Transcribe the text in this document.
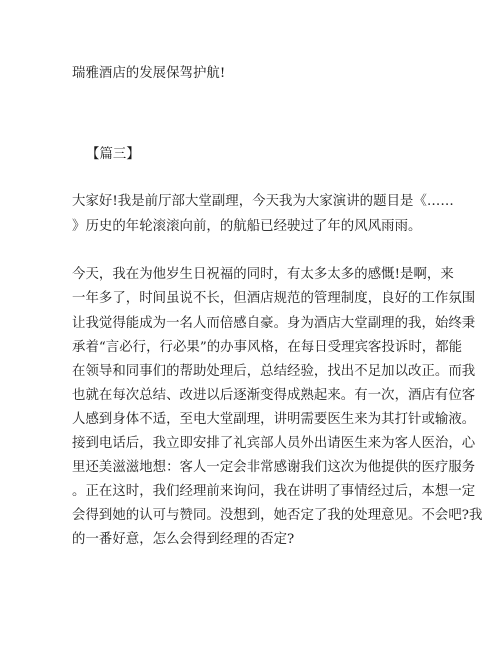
瑞雅酒店的发展保驾护航!
【篇三】
大家好!我是前厅部大堂副理，今天我为大家演讲的题目是《……
》历史的年轮滚滚向前，的航船已经驶过了年的风风雨雨。
今天，我在为他岁生日祝福的同时，有太多太多的感慨!是啊，来
一年多了，时间虽说不长，但酒店规范的管理制度，良好的工作氛围
让我觉得能成为一名人而倍感自豪。身为酒店大堂副理的我，始终秉
承着“言必行，行必果”的办事风格，在每日受理宾客投诉时，都能
在领导和同事们的帮助处理后，总结经验，找出不足加以改正。而我
也就在每次总结、改进以后逐渐变得成熟起来。有一次，酒店有位客
人感到身体不适，至电大堂副理，讲明需要医生来为其打针或输液。
接到电话后，我立即安排了礼宾部人员外出请医生来为客人医治，心
里还美滋滋地想：客人一定会非常感谢我们这次为他提供的医疗服务
。正在这时，我们经理前来询问，我在讲明了事情经过后，本想一定
会得到她的认可与赞同。没想到，她否定了我的处理意见。不会吧?我
的一番好意，怎么会得到经理的否定?
